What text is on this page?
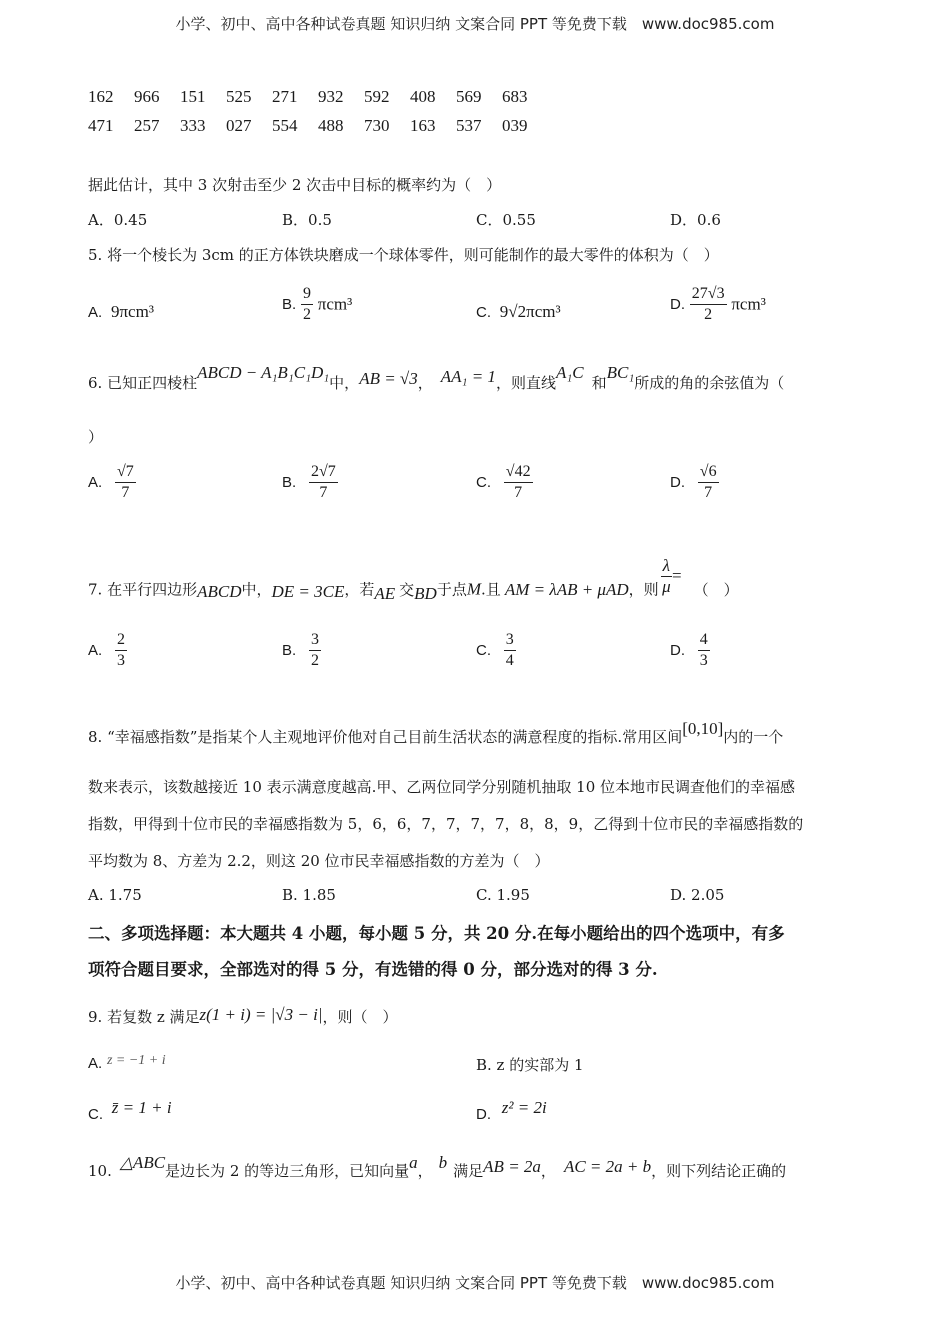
小学、初中、高中各种试卷真题 知识归纳 文案合同 PPT 等免费下载　www.doc985.com
小学、初中、高中各种试卷真题 知识归纳 文案合同 PPT 等免费下载　www.doc985.com
162 966 151 525 271 932 592 408 569 683
471 257 333 027 554 488 730 163 537 039
据此估计，其中 3 次射击至少 2 次击中目标的概率约为（　）
A．0.45	B．0.5	C．0.55	D．0.6
5. 将一个棱长为 3cm 的正方体铁块磨成一个球体零件，则可能制作的最大零件的体积为（　）
A. 9πcm³	B. $\frac{9}{2} \pi cm^3$	C. 9√2πcm³	D. $\frac{27√3}{2} \pi cm^3$
6. 已知正四棱柱ABCD − A₁B₁C₁D₁中，AB = √3， AA₁ = 1，则直线A₁C和BC₁所成的角的余弦值为（
）
A. $\frac{√7}{7}$	B. $\frac{2√7}{7}$	C. $\frac{√42}{7}$	D. $\frac{√6}{7}$
7. 在平行四边形ABCD中，DE = 3CE，若AE 交BD于点M.且 AM = λAB + μAD，则 $\frac{\lambda}{\mu}$ =（　）
A. $\frac{2}{3}$	B. $\frac{3}{2}$	C. $\frac{3}{4}$	D. $\frac{4}{3}$
8. “幸福感指数”是指某个人主观地评价他对自己目前生活状态的满意程度的指标.常用区间[0,10]内的一个
数来表示，该数越接近 10 表示满意度越高.甲、乙两位同学分别随机抽取 10 位本地市民调查他们的幸福感
指数，甲得到十位市民的幸福感指数为 5，6，6，7，7，7，7，8，8，9，乙得到十位市民的幸福感指数的
平均数为 8、方差为 2.2，则这 20 位市民幸福感指数的方差为（　）
A. 1.75	B. 1.85	C. 1.95	D. 2.05
二、多项选择题：本大题共 4 小题，每小题 5 分，共 20 分.在每小题给出的四个选项中，有多
项符合题目要求，全部选对的得 5 分，有选错的得 0 分，部分选对的得 3 分.
9. 若复数 z 满足z(1 + i) = |√3 − i|，则（　）
A. z = −1 + i	B. z 的实部为 1
C. z̄ = 1 + i	D. z² = 2i
10. △ABC是边长为 2 的等边三角形，已知向量a， b 满足AB = 2a， AC = 2a + b，则下列结论正确的
